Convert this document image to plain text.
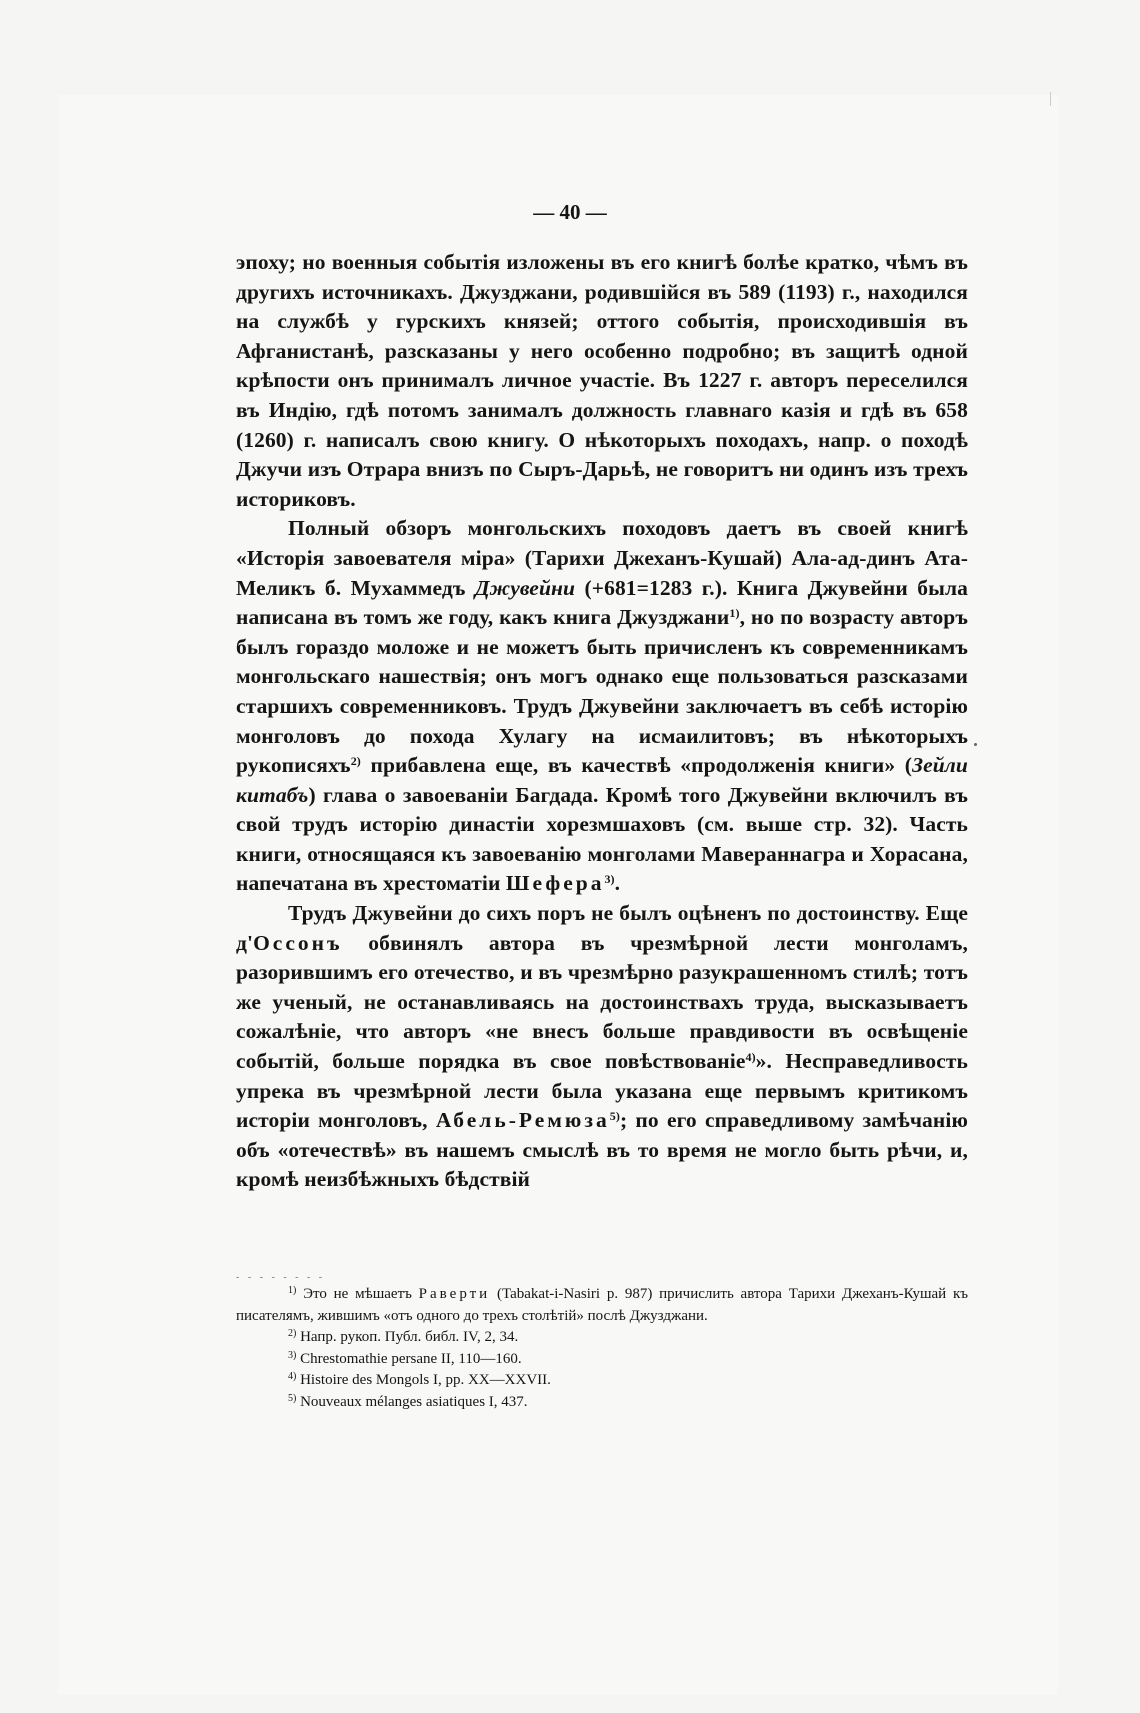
— 40 —

эпоху; но военныя событія изложены въ его книгѣ болѣе кратко, чѣмъ въ другихъ источникахъ. Джузджани, родившійся въ 589 (1193) г., находился на службѣ у гурскихъ князей; оттого событія, происходившія въ Афганистанѣ, разсказаны у него особенно подробно; въ защитѣ одной крѣпости онъ принималъ личное участіе. Въ 1227 г. авторъ переселился въ Индію, гдѣ потомъ занималъ должность главнаго казія и гдѣ въ 658 (1260) г. написалъ свою книгу. О нѣкоторыхъ походахъ, напр. о походѣ Джучи изъ Отрара внизъ по Сыръ-Дарьѣ, не говоритъ ни одинъ изъ трехъ историковъ.

Полный обзоръ монгольскихъ походовъ даетъ въ своей книгѣ «Исторія завоевателя міра» (Тарихи Джеханъ-Кушай) Ала-ад-динъ Ата-Меликъ б. Мухаммедъ Джувейни (+681=1283 г.). Книга Джувейни была написана въ томъ же году, какъ книга Джузджани$^{1)}$, но по возрасту авторъ былъ гораздо моложе и не можетъ быть причисленъ къ современникамъ монгольскаго нашествія; онъ могъ однако еще пользоваться разсказами старшихъ современниковъ. Трудъ Джувейни заключаетъ въ себѣ исторію монголовъ до похода Хулагу на исмаилитовъ; въ нѣкоторыхъ рукописяхъ$^{2)}$ прибавлена еще, въ качествѣ «продолженія книги» (Зейли китабъ) глава о завоеваніи Багдада. Кромѣ того Джувейни включилъ въ свой трудъ исторію династіи хорезмшаховъ (см. выше стр. 32). Часть книги, относящаяся къ завоеванію монголами Мавераннагра и Хорасана, напечатана въ хрестоматіи Шефера$^{3)}$.

Трудъ Джувейни до сихъ поръ не былъ оцѣненъ по достоинству. Еще д'Оссонъ обвинялъ автора въ чрезмѣрной лести монголамъ, разорившимъ его отечество, и въ чрезмѣрно разукрашенномъ стилѣ; тотъ же ученый, не останавливаясь на достоинствахъ труда, высказываетъ сожалѣніе, что авторъ «не внесъ больше правдивости въ освѣщеніе событій, больше порядка въ свое повѣствованіе$^{4)}$». Несправедливость упрека въ чрезмѣрной лести была указана еще первымъ критикомъ исторіи монголовъ, Абель-Ремюза$^{5)}$; по его справедливому замѣчанію объ «отечествѣ» въ нашемъ смыслѣ въ то время не могло быть рѣчи, и, кромѣ неизбѣжныхъ бѣдствій

- - - - - - - -

$^{1)}$ Это не мѣшаетъ Раверти (Tabakat-i-Nasiri p. 987) причислить автора Тарихи Джеханъ-Кушай къ писателямъ, жившимъ «отъ одного до трехъ столѣтій» послѣ Джузджани.

$^{2)}$ Напр. рукоп. Публ. библ. IV, 2, 34.

$^{3)}$ Chrestomathie persane II, 110—160.

$^{4)}$ Histoire des Mongols I, pp. XX—XXVII.

$^{5)}$ Nouveaux mélanges asiatiques I, 437.
